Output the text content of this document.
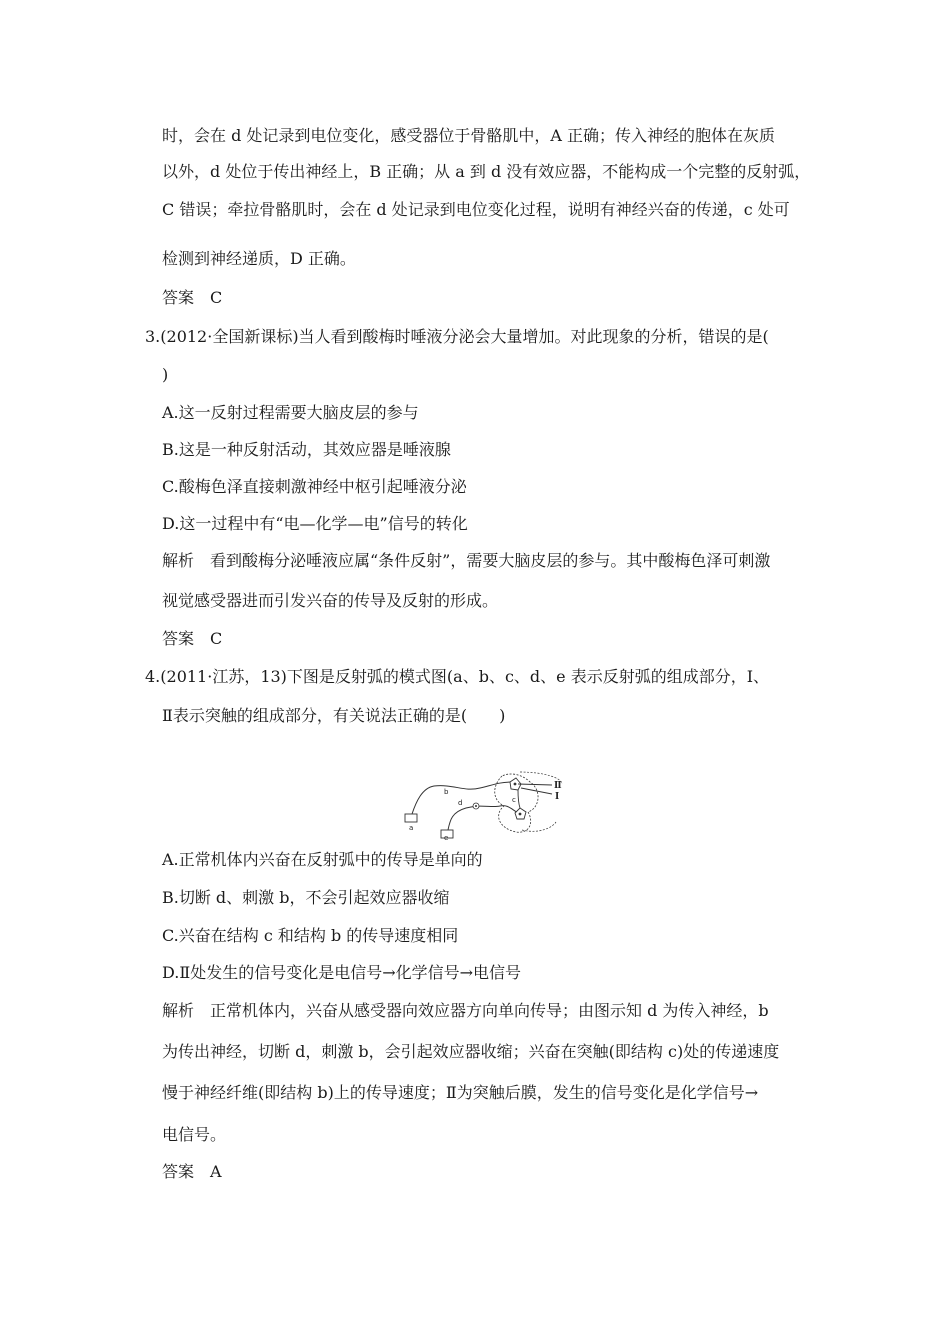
时，会在 d 处记录到电位变化，感受器位于骨骼肌中，A 正确；传入神经的胞体在灰质
以外，d 处位于传出神经上，B 正确；从 a 到 d 没有效应器，不能构成一个完整的反射弧，
C 错误；牵拉骨骼肌时，会在 d 处记录到电位变化过程，说明有神经兴奋的传递，c 处可
检测到神经递质，D 正确。
答案　C
3.(2012·全国新课标)当人看到酸梅时唾液分泌会大量增加。对此现象的分析，错误的是(
)
A.这一反射过程需要大脑皮层的参与
B.这是一种反射活动，其效应器是唾液腺
C.酸梅色泽直接刺激神经中枢引起唾液分泌
D.这一过程中有“电—化学—电”信号的转化
解析　看到酸梅分泌唾液应属“条件反射”，需要大脑皮层的参与。其中酸梅色泽可刺激
视觉感受器进而引发兴奋的传导及反射的形成。
答案　C
4.(2011·江苏，13)下图是反射弧的模式图(a、b、c、d、e 表示反射弧的组成部分，Ⅰ、
Ⅱ表示突触的组成部分，有关说法正确的是(　　)
a
b
c
d
e
Ⅱ
Ⅰ
A.正常机体内兴奋在反射弧中的传导是单向的
B.切断 d、刺激 b，不会引起效应器收缩
C.兴奋在结构 c 和结构 b 的传导速度相同
D.Ⅱ处发生的信号变化是电信号→化学信号→电信号
解析　正常机体内，兴奋从感受器向效应器方向单向传导；由图示知 d 为传入神经，b
为传出神经，切断 d，刺激 b，会引起效应器收缩；兴奋在突触(即结构 c)处的传递速度
慢于神经纤维(即结构 b)上的传导速度；Ⅱ为突触后膜，发生的信号变化是化学信号→
电信号。
答案　A
